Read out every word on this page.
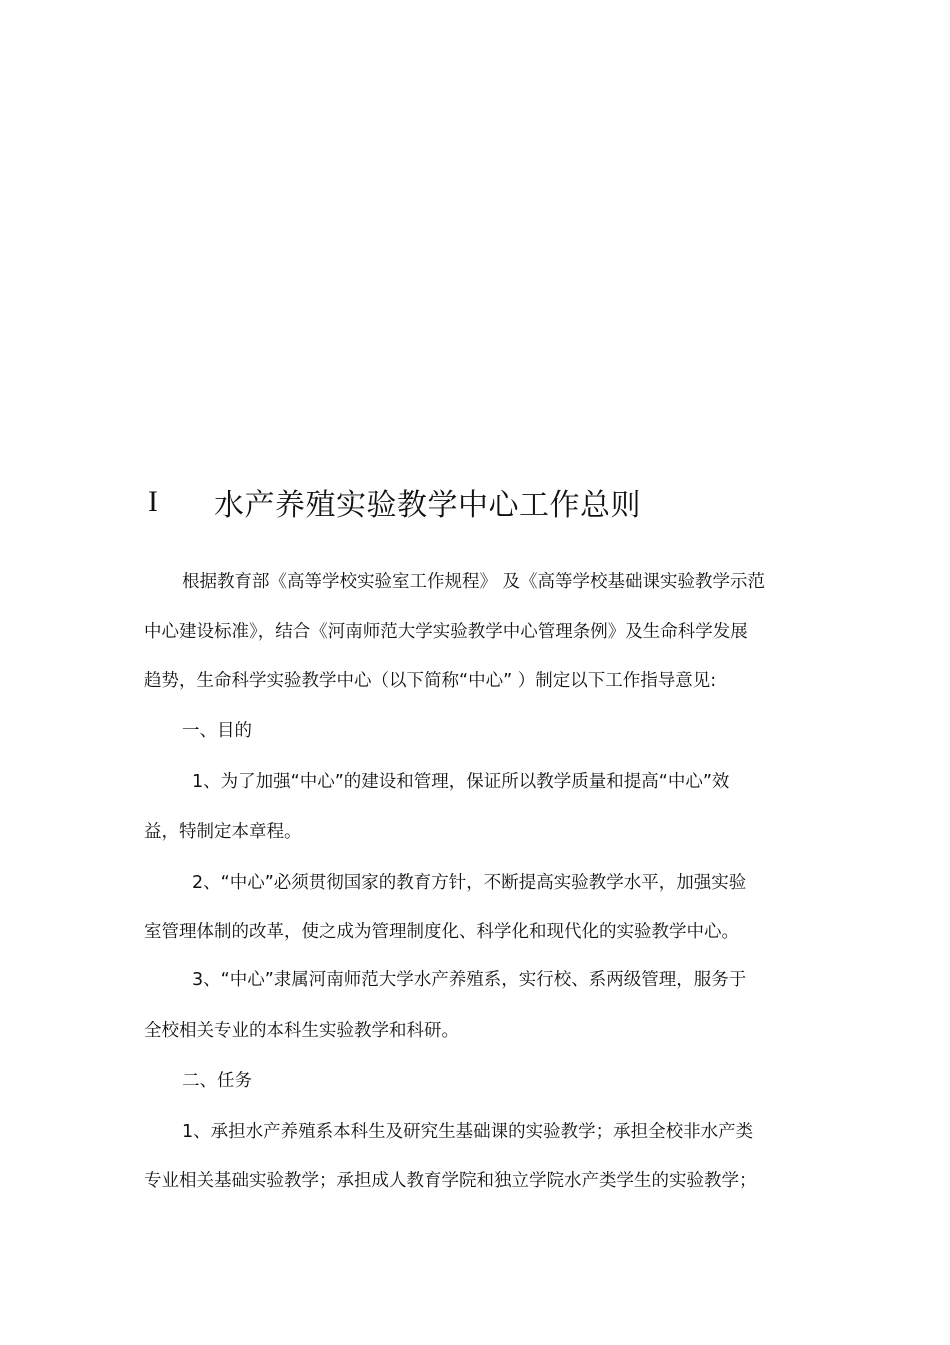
I	水产养殖实验教学中心工作总则
根据教育部《高等学校实验室工作规程》 及《高等学校基础课实验教学示范
中心建设标准》，结合《河南师范大学实验教学中心管理条例》及生命科学发展
趋势，生命科学实验教学中心（以下简称“中心” ）制定以下工作指导意见:
一、目的
1、为了加强“中心”的建设和管理，保证所以教学质量和提高“中心”效
益，特制定本章程。
2、“中心”必须贯彻国家的教育方针，不断提高实验教学水平，加强实验
室管理体制的改革，使之成为管理制度化、科学化和现代化的实验教学中心。
3、“中心”隶属河南师范大学水产养殖系，实行校、系两级管理，服务于
全校相关专业的本科生实验教学和科研。
二、任务
1、承担水产养殖系本科生及研究生基础课的实验教学；承担全校非水产类
专业相关基础实验教学；承担成人教育学院和独立学院水产类学生的实验教学；
